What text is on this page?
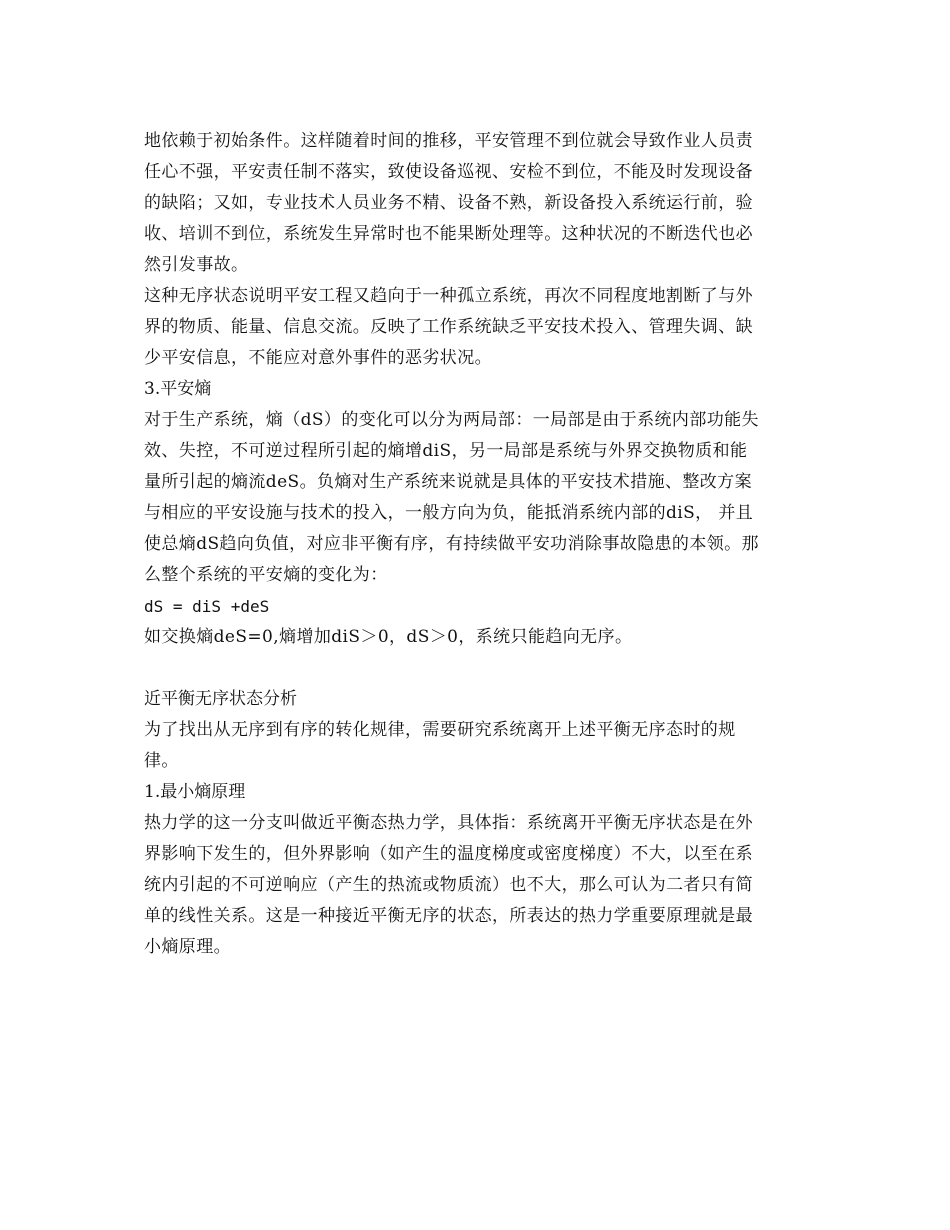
地依赖于初始条件。这样随着时间的推移，平安管理不到位就会导致作业人员责
任心不强，平安责任制不落实，致使设备巡视、安检不到位，不能及时发现设备
的缺陷；又如，专业技术人员业务不精、设备不熟，新设备投入系统运行前，验
收、培训不到位，系统发生异常时也不能果断处理等。这种状况的不断迭代也必
然引发事故。

这种无序状态说明平安工程又趋向于一种孤立系统，再次不同程度地割断了与外
界的物质、能量、信息交流。反映了工作系统缺乏平安技术投入、管理失调、缺
少平安信息，不能应对意外事件的恶劣状况。

3.平安熵

对于生产系统，熵（dS）的变化可以分为两局部：一局部是由于系统内部功能失
效、失控，不可逆过程所引起的熵增diS，另一局部是系统与外界交换物质和能
量所引起的熵流deS。负熵对生产系统来说就是具体的平安技术措施、整改方案
与相应的平安设施与技术的投入，一般方向为负，能抵消系统内部的diS， 并且
使总熵dS趋向负值，对应非平衡有序，有持续做平安功消除事故隐患的本领。那
么整个系统的平安熵的变化为：

dS = diS +deS

如交换熵deS=0,熵增加diS＞0，dS＞0，系统只能趋向无序。

近平衡无序状态分析

为了找出从无序到有序的转化规律，需要研究系统离开上述平衡无序态时的规
律。

1.最小熵原理

热力学的这一分支叫做近平衡态热力学，具体指：系统离开平衡无序状态是在外
界影响下发生的，但外界影响（如产生的温度梯度或密度梯度）不大，以至在系
统内引起的不可逆响应（产生的热流或物质流）也不大，那么可认为二者只有简
单的线性关系。这是一种接近平衡无序的状态，所表达的热力学重要原理就是最
小熵原理。
